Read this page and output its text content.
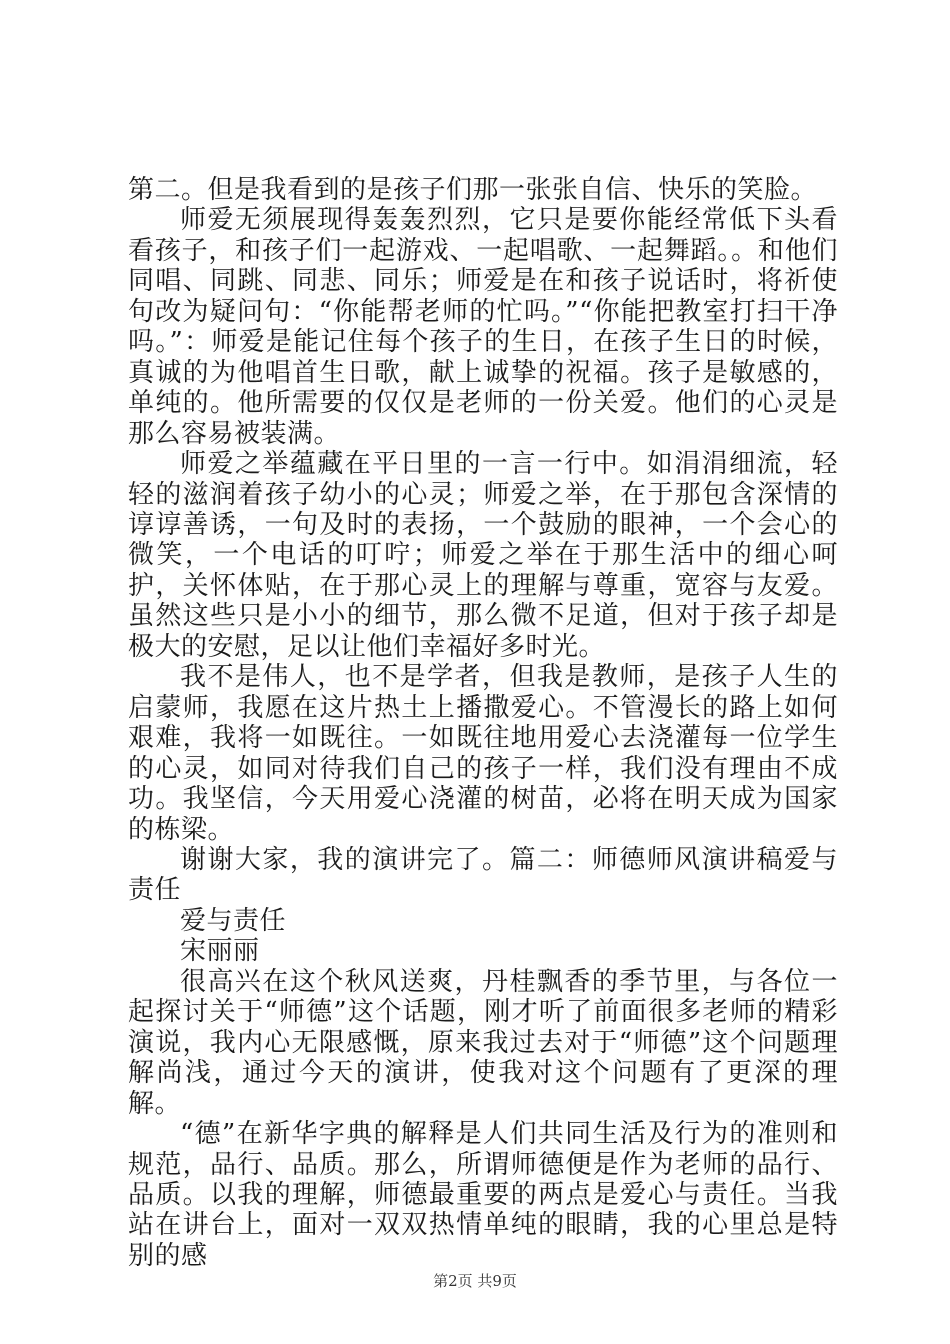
第二。但是我看到的是孩子们那一张张自信、快乐的笑脸。

师爱无须展现得轰轰烈烈，它只是要你能经常低下头看看孩子，和孩子们一起游戏、一起唱歌、一起舞蹈。。和他们同唱、同跳、同悲、同乐；师爱是在和孩子说话时，将祈使句改为疑问句：“你能帮老师的忙吗。”“你能把教室打扫干净吗。”：师爱是能记住每个孩子的生日，在孩子生日的时候，真诚的为他唱首生日歌，献上诚挚的祝福。孩子是敏感的，单纯的。他所需要的仅仅是老师的一份关爱。他们的心灵是那么容易被装满。

师爱之举蕴藏在平日里的一言一行中。如涓涓细流，轻轻的滋润着孩子幼小的心灵；师爱之举，在于那包含深情的谆谆善诱，一句及时的表扬，一个鼓励的眼神，一个会心的微笑，一个电话的叮咛；师爱之举在于那生活中的细心呵护，关怀体贴，在于那心灵上的理解与尊重，宽容与友爱。虽然这些只是小小的细节，那么微不足道，但对于孩子却是极大的安慰，足以让他们幸福好多时光。

我不是伟人，也不是学者，但我是教师，是孩子人生的启蒙师，我愿在这片热土上播撒爱心。不管漫长的路上如何艰难，我将一如既往。一如既往地用爱心去浇灌每一位学生的心灵，如同对待我们自己的孩子一样，我们没有理由不成功。我坚信，今天用爱心浇灌的树苗，必将在明天成为国家的栋梁。

谢谢大家，我的演讲完了。篇二：师德师风演讲稿爱与责任

爱与责任

宋丽丽

很高兴在这个秋风送爽，丹桂飘香的季节里，与各位一起探讨关于“师德”这个话题，刚才听了前面很多老师的精彩演说，我内心无限感慨，原来我过去对于“师德”这个问题理解尚浅，通过今天的演讲，使我对这个问题有了更深的理解。

“德”在新华字典的解释是人们共同生活及行为的准则和规范，品行、品质。那么，所谓师德便是作为老师的品行、品质。以我的理解，师德最重要的两点是爱心与责任。当我站在讲台上，面对一双双热情单纯的眼睛，我的心里总是特别的感

第2页 共9页
